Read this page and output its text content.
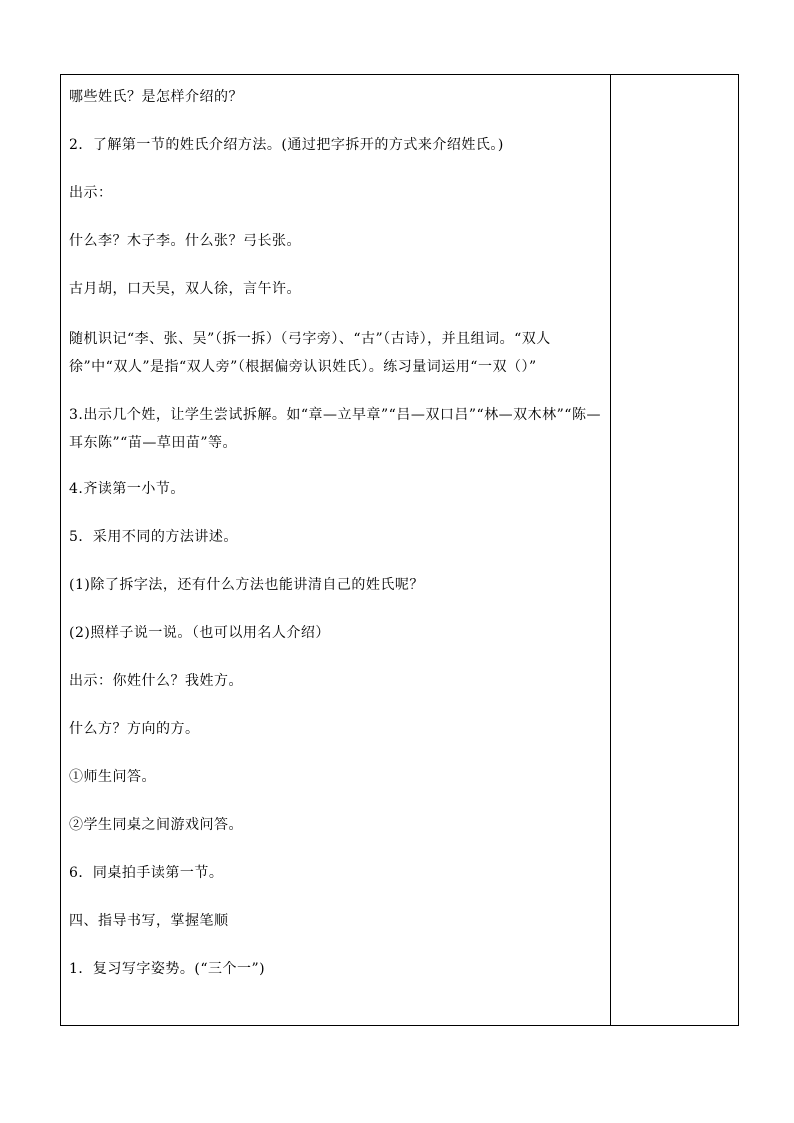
哪些姓氏？是怎样介绍的？

2．了解第一节的姓氏介绍方法。(通过把字拆开的方式来介绍姓氏。)

出示：

什么李？木子李。什么张？弓长张。

古月胡，口天吴，双人徐，言午许。

随机识记“李、张、吴”（拆一拆）（弓字旁）、“古”（古诗），并且组词。“双人徐”中“双人”是指“双人旁”（根据偏旁认识姓氏）。练习量词运用“一双（）”

3.出示几个姓，让学生尝试拆解。如“章—立早章”“吕—双口吕”“林—双木林”“陈—耳东陈”“苗—草田苗”等。

4.齐读第一小节。

5．采用不同的方法讲述。

(1)除了拆字法，还有什么方法也能讲清自己的姓氏呢？

(2)照样子说一说。（也可以用名人介绍）

出示：你姓什么？我姓方。

什么方？方向的方。

①师生问答。

②学生同桌之间游戏问答。

6．同桌拍手读第一节。

四、指导书写，掌握笔顺

1．复习写字姿势。(“三个一”)
